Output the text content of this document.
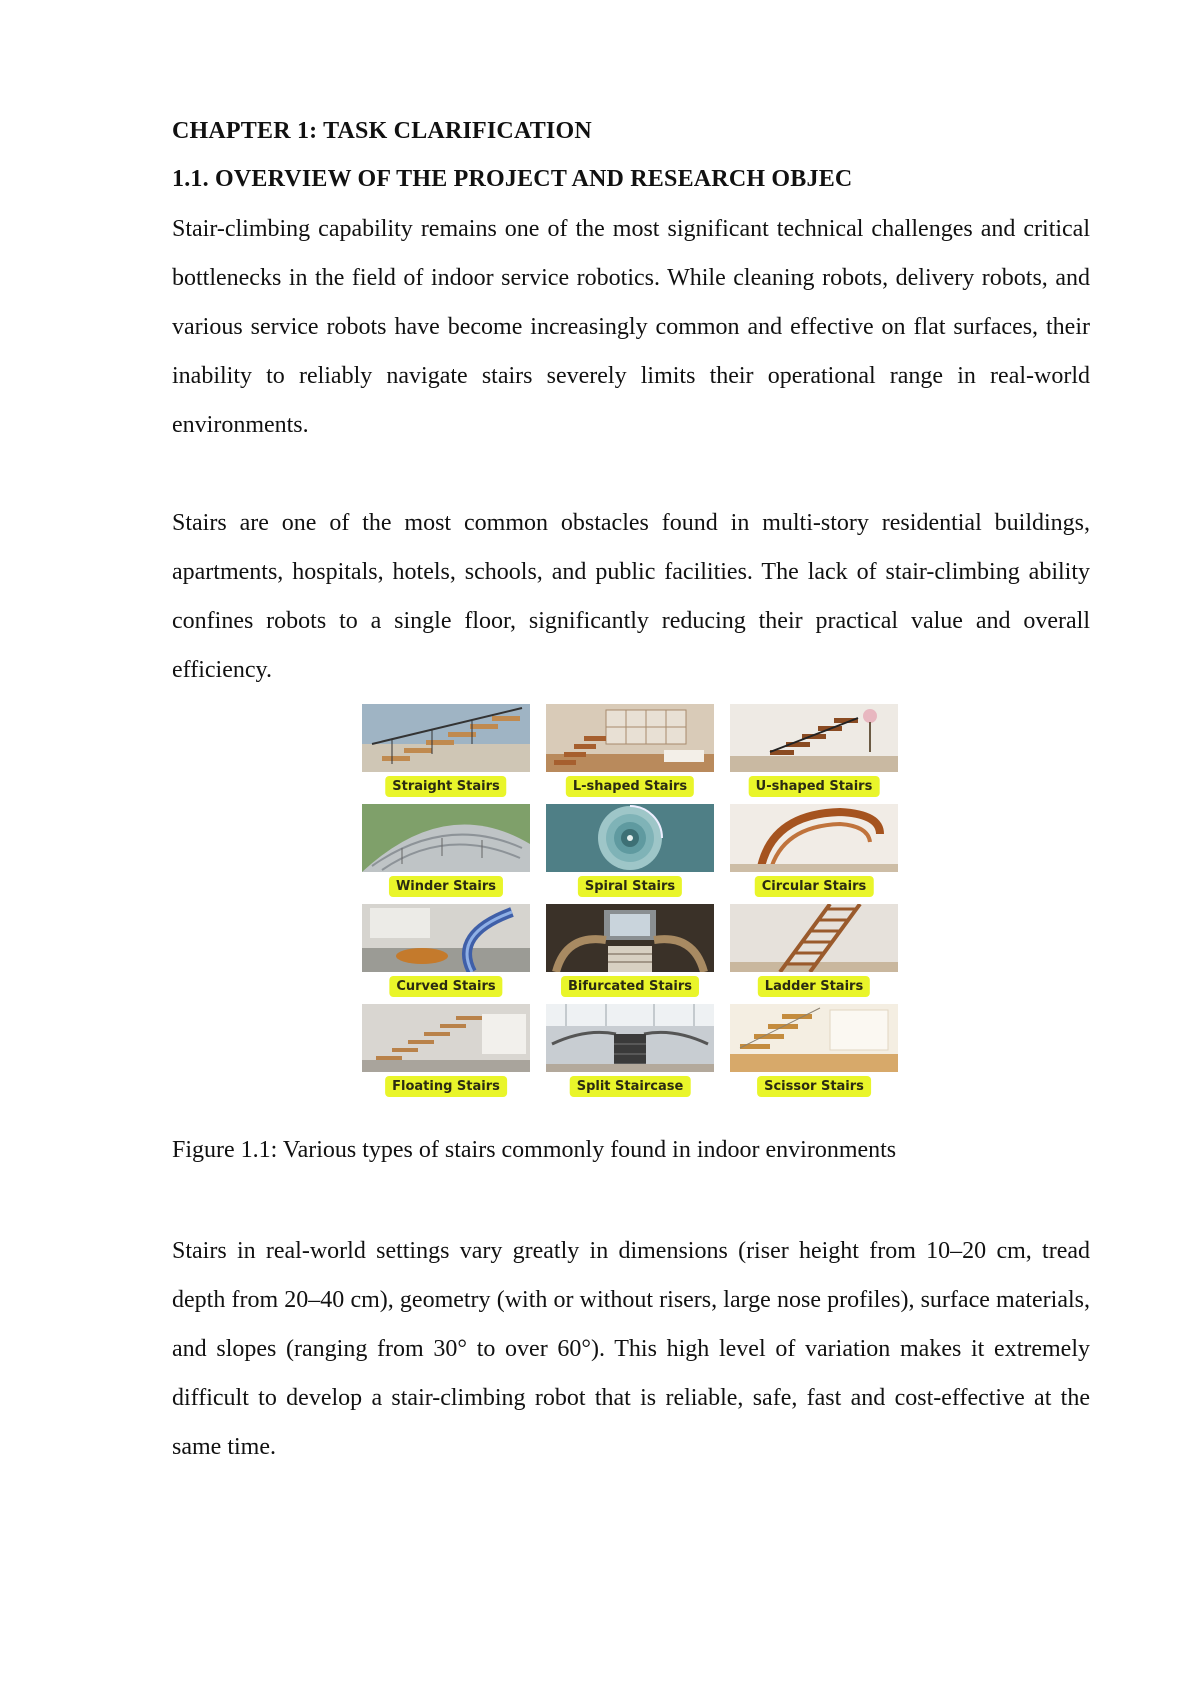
CHAPTER 1: TASK CLARIFICATION
1.1. OVERVIEW OF THE PROJECT AND RESEARCH OBJEC

Stair-climbing capability remains one of the most significant technical challenges and critical bottlenecks in the field of indoor service robotics. While cleaning robots, delivery robots, and various service robots have become increasingly common and effective on flat surfaces, their inability to reliably navigate stairs severely limits their operational range in real-world environments.

Stairs are one of the most common obstacles found in multi-story residential buildings, apartments, hospitals, hotels, schools, and public facilities. The lack of stair-climbing ability confines robots to a single floor, significantly reducing their practical value and overall efficiency.

Straight Stairs	L-shaped Stairs	U-shaped Stairs
Winder Stairs	Spiral Stairs	Circular Stairs
Curved Stairs	Bifurcated Stairs	Ladder Stairs
Floating Stairs	Split Staircase	Scissor Stairs
Figure 1.1: Various types of stairs commonly found in indoor environments

Stairs in real-world settings vary greatly in dimensions (riser height from 10–20 cm, tread depth from 20–40 cm), geometry (with or without risers, large nose profiles), surface materials, and slopes (ranging from 30° to over 60°). This high level of variation makes it extremely difficult to develop a stair-climbing robot that is reliable, safe, fast and cost-effective at the same time.
